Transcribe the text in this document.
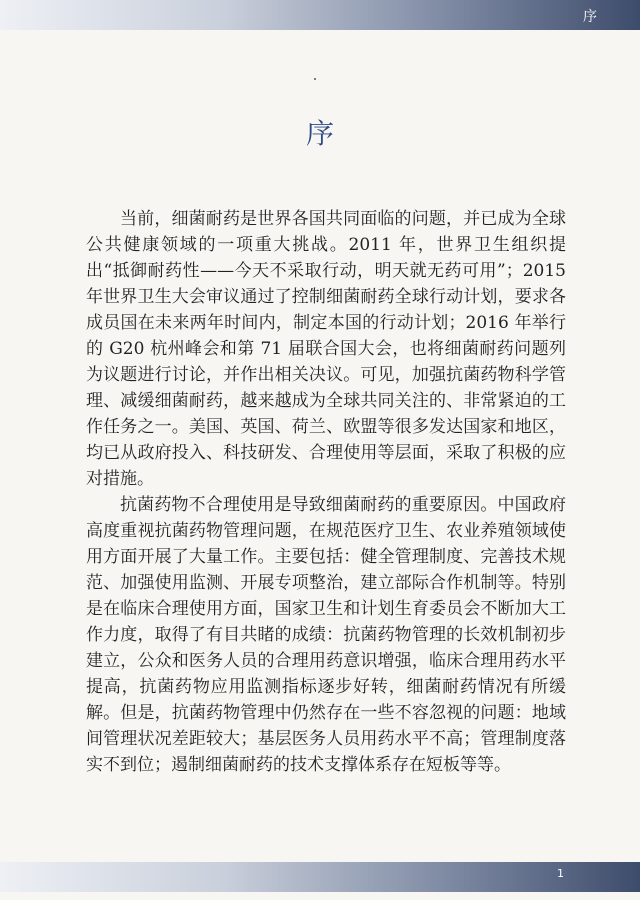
序
序

当前，细菌耐药是世界各国共同面临的问题，并已成为全球公共健康领域的一项重大挑战。2011 年，世界卫生组织提出“抵御耐药性——今天不采取行动，明天就无药可用”；2015 年世界卫生大会审议通过了控制细菌耐药全球行动计划，要求各成员国在未来两年时间内，制定本国的行动计划；2016 年举行的 G20 杭州峰会和第 71 届联合国大会，也将细菌耐药问题列为议题进行讨论，并作出相关决议。可见，加强抗菌药物科学管理、减缓细菌耐药，越来越成为全球共同关注的、非常紧迫的工作任务之一。美国、英国、荷兰、欧盟等很多发达国家和地区，均已从政府投入、科技研发、合理使用等层面，采取了积极的应对措施。

抗菌药物不合理使用是导致细菌耐药的重要原因。中国政府高度重视抗菌药物管理问题，在规范医疗卫生、农业养殖领域使用方面开展了大量工作。主要包括：健全管理制度、完善技术规范、加强使用监测、开展专项整治，建立部际合作机制等。特别是在临床合理使用方面，国家卫生和计划生育委员会不断加大工作力度，取得了有目共睹的成绩：抗菌药物管理的长效机制初步建立，公众和医务人员的合理用药意识增强，临床合理用药水平提高，抗菌药物应用监测指标逐步好转，细菌耐药情况有所缓解。但是，抗菌药物管理中仍然存在一些不容忽视的问题：地域间管理状况差距较大；基层医务人员用药水平不高；管理制度落实不到位；遏制细菌耐药的技术支撑体系存在短板等等。

1
